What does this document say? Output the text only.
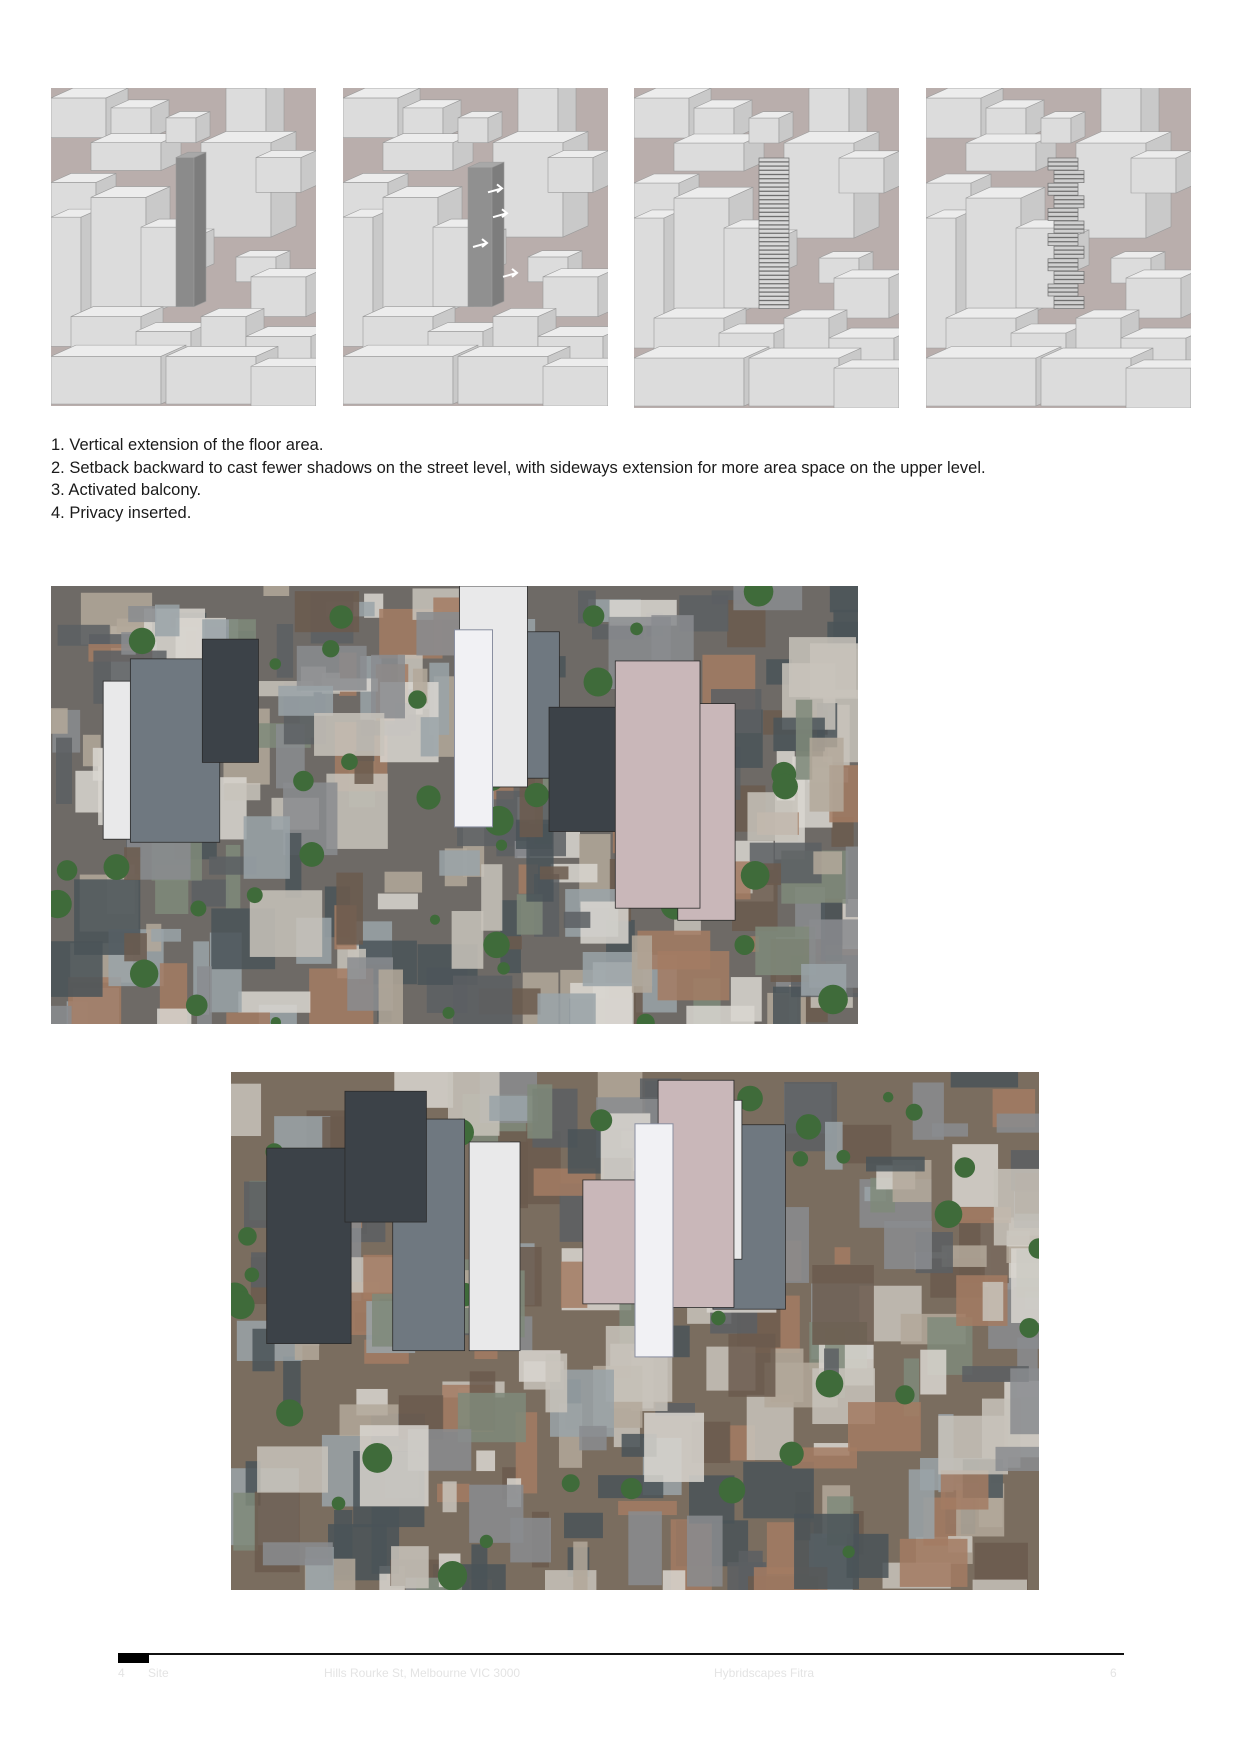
1. Vertical extension of the floor area.
2. Setback backward to cast fewer shadows on the street level, with sideways extension for more area space on the upper level.
3. Activated balcony.
4. Privacy inserted.
4 Site	Hills Rourke St, Melbourne VIC 3000	Hybridscapes Fitra	6
